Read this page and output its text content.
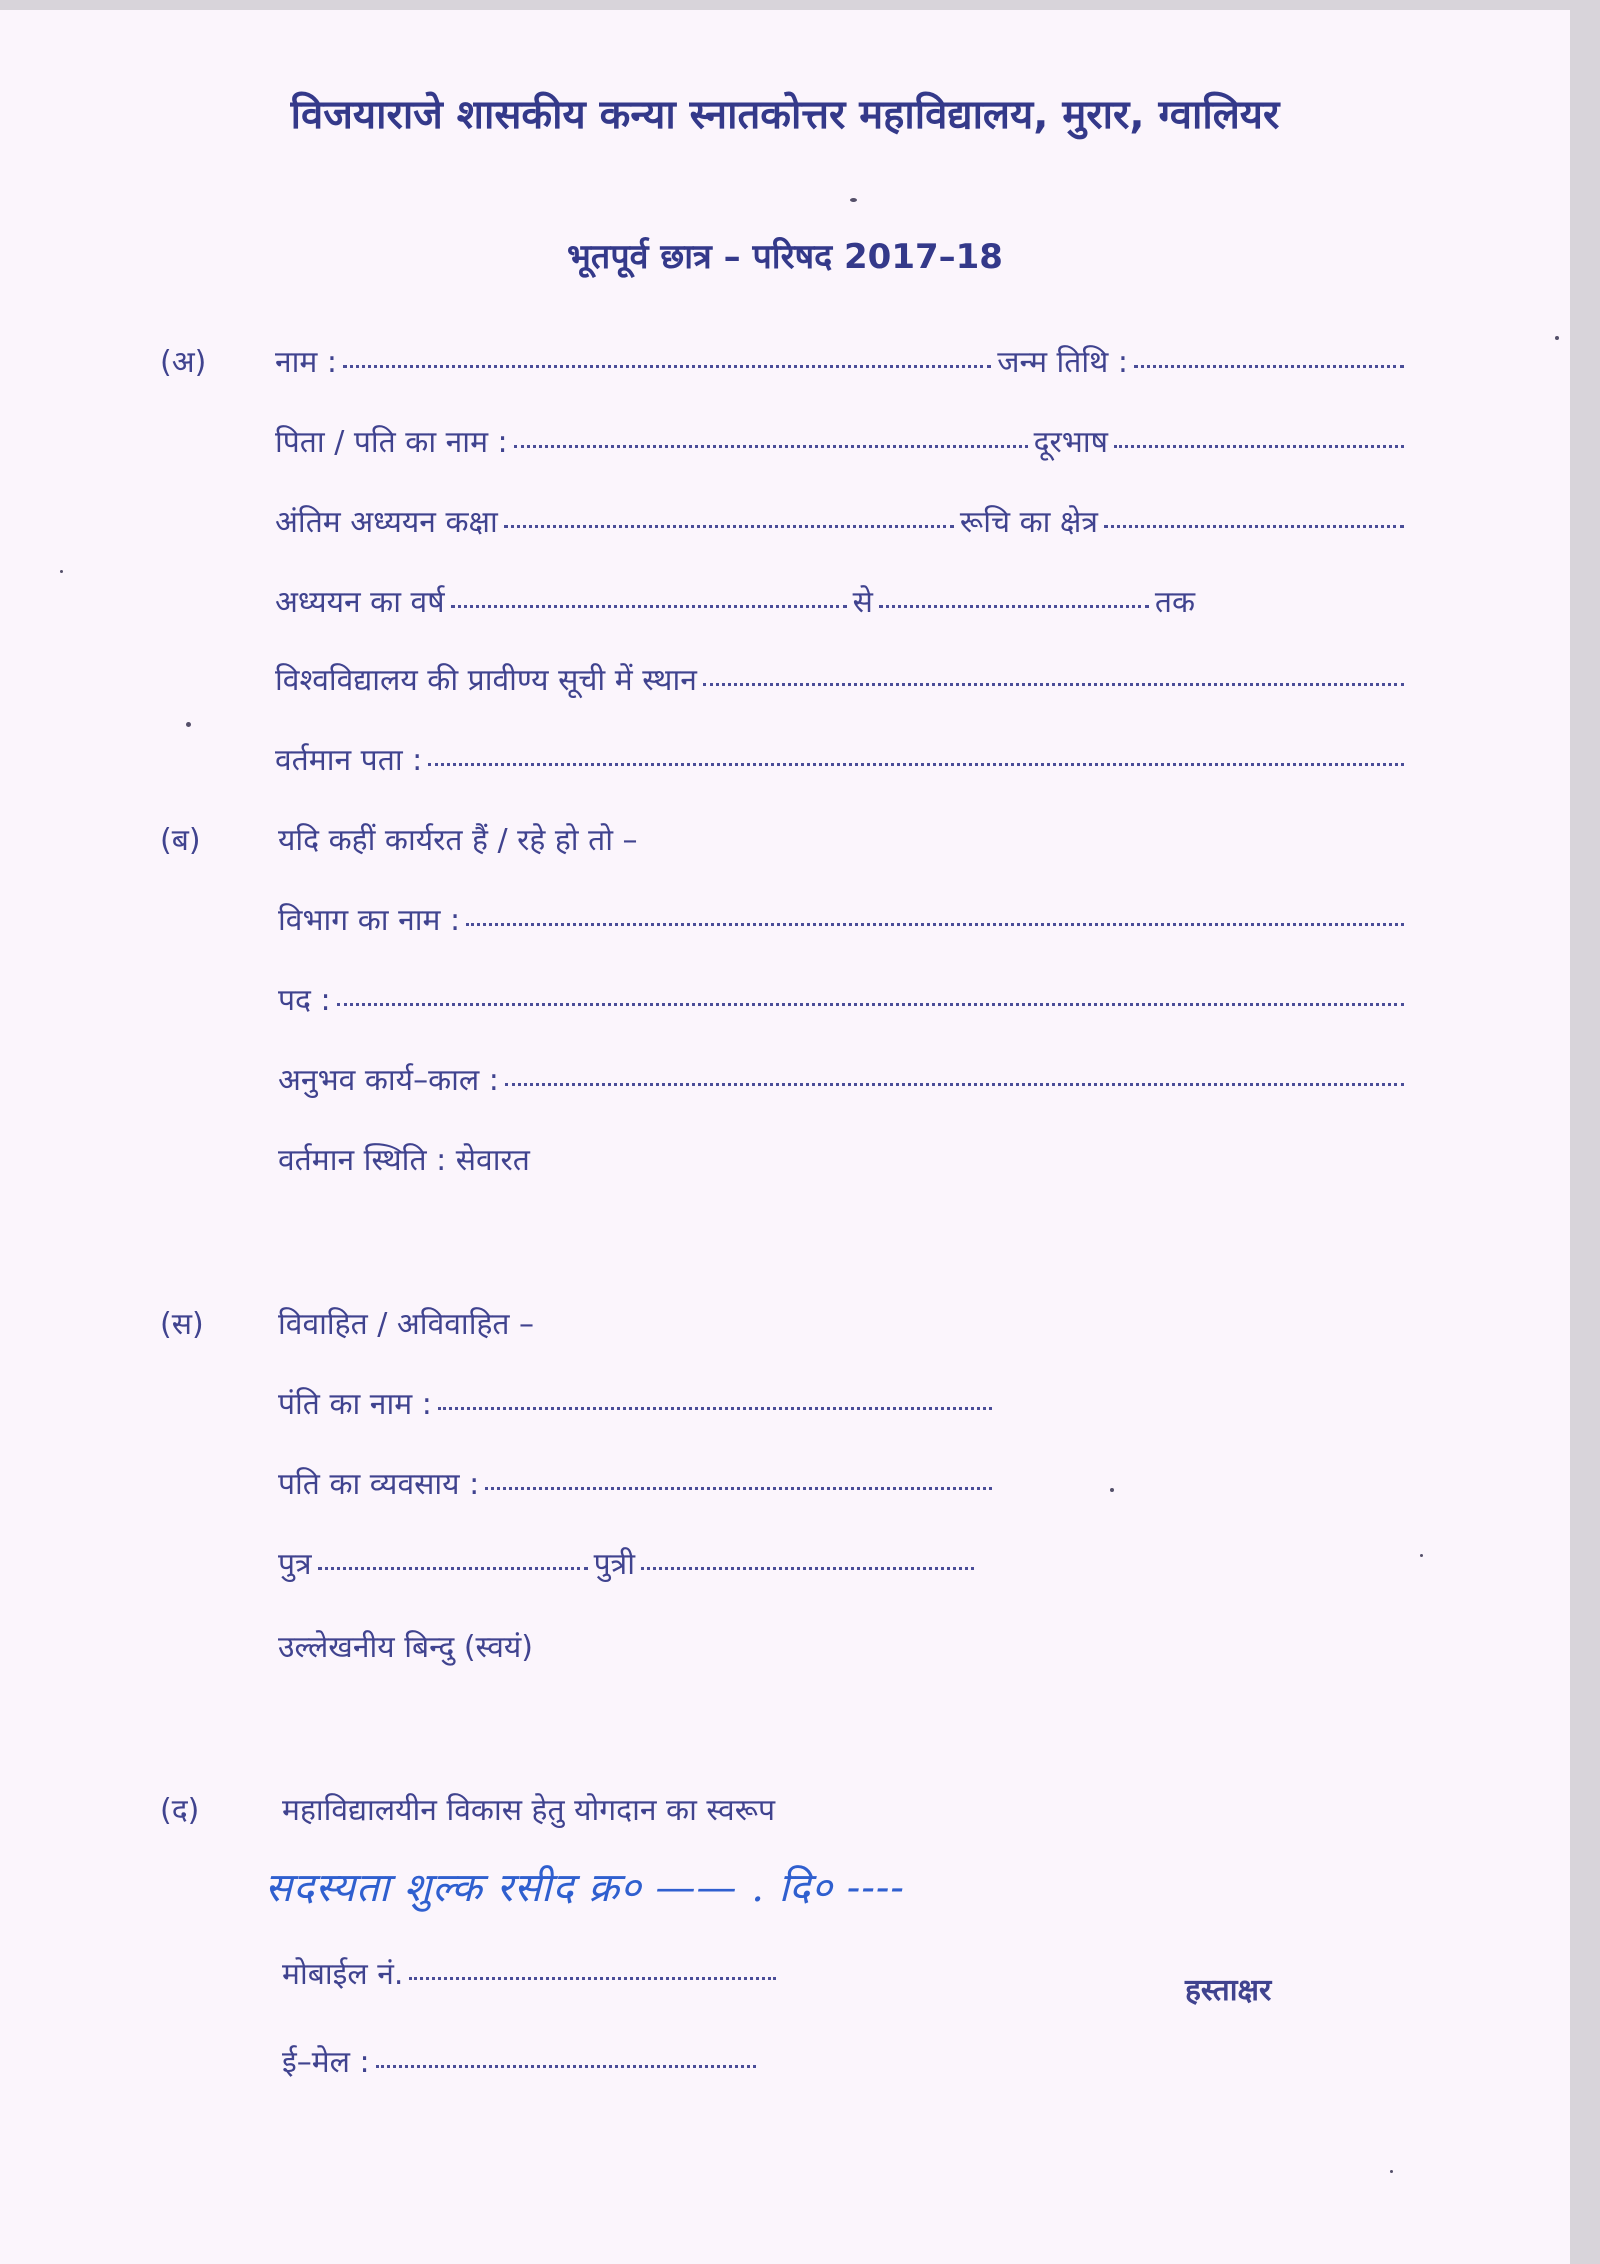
विजयाराजे शासकीय कन्या स्नातकोत्तर महाविद्यालय, मुरार, ग्वालियर
भूतपूर्व छात्र – परिषद 2017–18
(अ) नाम :	जन्म तिथि :
पिता / पति का नाम :	दूरभाष
अंतिम अध्ययन कक्षा	रूचि का क्षेत्र
अध्ययन का वर्ष	से	तक
विश्वविद्यालय की प्रावीण्य सूची में स्थान
वर्तमान पता :
(ब)	यदि कहीं कार्यरत हैं / रहे हो तो –
विभाग का नाम :
पद :
अनुभव कार्य–काल :
वर्तमान स्थिति : सेवारत
(स) विवाहित / अविवाहित –
पंति का नाम :
पति का व्यवसाय :
पुत्र	पुत्री
उल्लेखनीय बिन्दु (स्वयं)
(द)	महाविद्यालयीन विकास हेतु योगदान का स्वरूप
सदस्यता शुल्क रसीद क्र० —— . दि० ----
मोबाईल नं.	हस्ताक्षर
ई–मेल :
